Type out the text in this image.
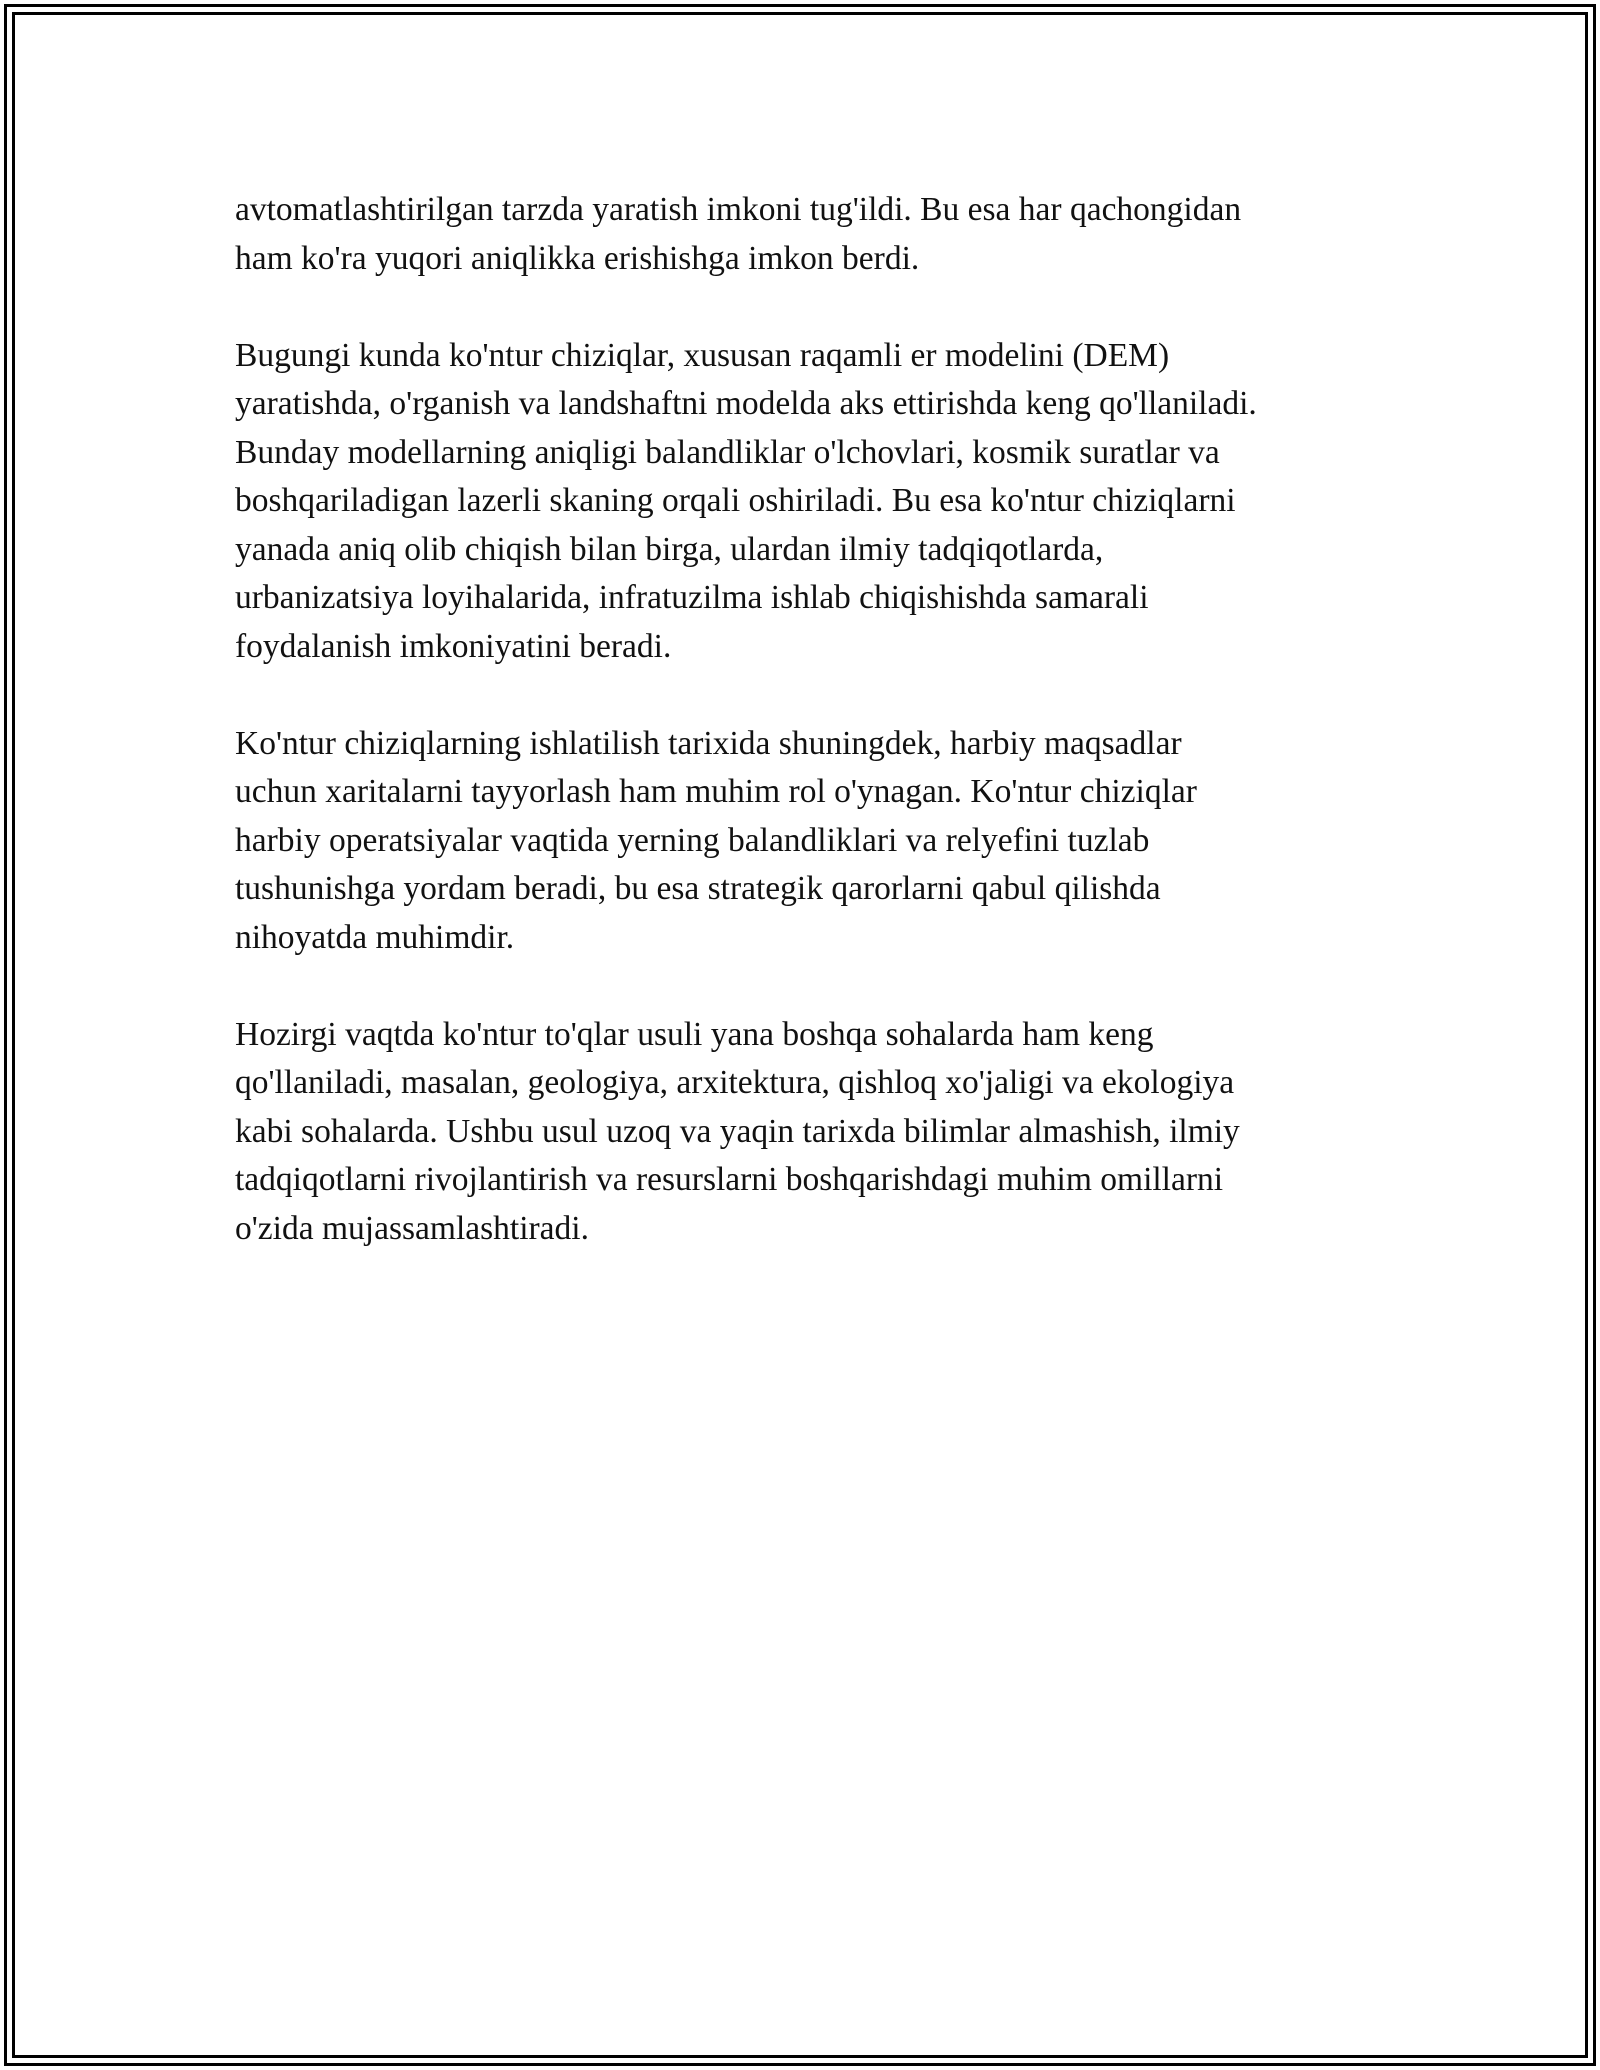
avtomatlashtirilgan tarzda yaratish imkoni tug'ildi. Bu esa har qachongidan
ham ko'ra yuqori aniqlikka erishishga imkon berdi.
Bugungi kunda ko'ntur chiziqlar, xususan raqamli er modelini (DEM)
yaratishda, o'rganish va landshaftni modelda aks ettirishda keng qo'llaniladi.
Bunday modellarning aniqligi balandliklar o'lchovlari, kosmik suratlar va
boshqariladigan lazerli skaning orqali oshiriladi. Bu esa ko'ntur chiziqlarni
yanada aniq olib chiqish bilan birga, ulardan ilmiy tadqiqotlarda,
urbanizatsiya loyihalarida, infratuzilma ishlab chiqishishda samarali
foydalanish imkoniyatini beradi.
Ko'ntur chiziqlarning ishlatilish tarixida shuningdek, harbiy maqsadlar
uchun xaritalarni tayyorlash ham muhim rol o'ynagan. Ko'ntur chiziqlar
harbiy operatsiyalar vaqtida yerning balandliklari va relyefini tuzlab
tushunishga yordam beradi, bu esa strategik qarorlarni qabul qilishda
nihoyatda muhimdir.
Hozirgi vaqtda ko'ntur to'qlar usuli yana boshqa sohalarda ham keng
qo'llaniladi, masalan, geologiya, arxitektura, qishloq xo'jaligi va ekologiya
kabi sohalarda. Ushbu usul uzoq va yaqin tarixda bilimlar almashish, ilmiy
tadqiqotlarni rivojlantirish va resurslarni boshqarishdagi muhim omillarni
o'zida mujassamlashtiradi.
